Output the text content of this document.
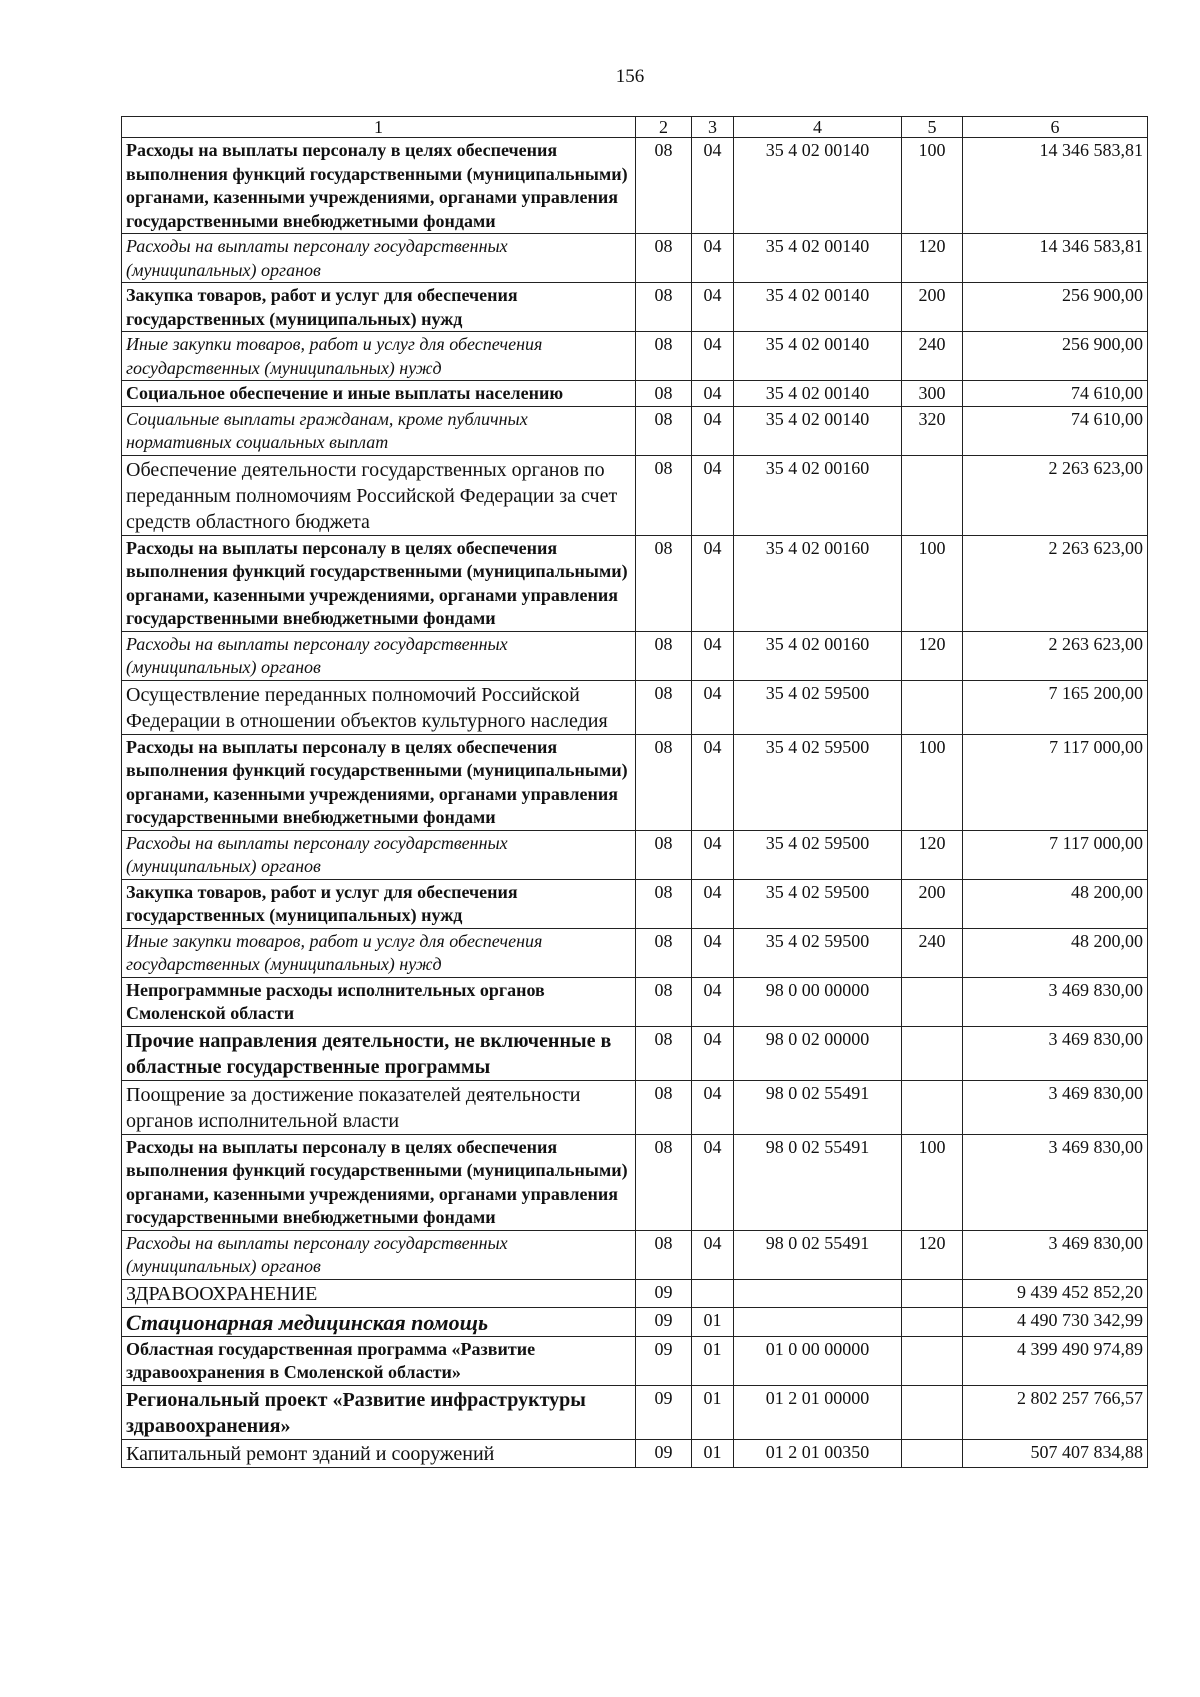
156
1	2	3	4	5	6
Расходы на выплаты персоналу в целях обеспечения выполнения функций государственными (муниципальными) органами, казенными учреждениями, органами управления государственными внебюджетными фондами	08	04	35 4 02 00140	100	14 346 583,81
Расходы на выплаты персоналу государственных (муниципальных) органов	08	04	35 4 02 00140	120	14 346 583,81
Закупка товаров, работ и услуг для обеспечения государственных (муниципальных) нужд	08	04	35 4 02 00140	200	256 900,00
Иные закупки товаров, работ и услуг для обеспечения государственных (муниципальных) нужд	08	04	35 4 02 00140	240	256 900,00
Социальное обеспечение и иные выплаты населению	08	04	35 4 02 00140	300	74 610,00
Социальные выплаты гражданам, кроме публичных нормативных социальных выплат	08	04	35 4 02 00140	320	74 610,00
Обеспечение деятельности государственных органов по переданным полномочиям Российской Федерации за счет средств областного бюджета	08	04	35 4 02 00160		2 263 623,00
Расходы на выплаты персоналу в целях обеспечения выполнения функций государственными (муниципальными) органами, казенными учреждениями, органами управления государственными внебюджетными фондами	08	04	35 4 02 00160	100	2 263 623,00
Расходы на выплаты персоналу государственных (муниципальных) органов	08	04	35 4 02 00160	120	2 263 623,00
Осуществление переданных полномочий Российской Федерации в отношении объектов культурного наследия	08	04	35 4 02 59500		7 165 200,00
Расходы на выплаты персоналу в целях обеспечения выполнения функций государственными (муниципальными) органами, казенными учреждениями, органами управления государственными внебюджетными фондами	08	04	35 4 02 59500	100	7 117 000,00
Расходы на выплаты персоналу государственных (муниципальных) органов	08	04	35 4 02 59500	120	7 117 000,00
Закупка товаров, работ и услуг для обеспечения государственных (муниципальных) нужд	08	04	35 4 02 59500	200	48 200,00
Иные закупки товаров, работ и услуг для обеспечения государственных (муниципальных) нужд	08	04	35 4 02 59500	240	48 200,00
Непрограммные расходы исполнительных органов Смоленской области	08	04	98 0 00 00000		3 469 830,00
Прочие направления деятельности, не включенные в областные государственные программы	08	04	98 0 02 00000		3 469 830,00
Поощрение за достижение показателей деятельности органов исполнительной власти	08	04	98 0 02 55491		3 469 830,00
Расходы на выплаты персоналу в целях обеспечения выполнения функций государственными (муниципальными) органами, казенными учреждениями, органами управления государственными внебюджетными фондами	08	04	98 0 02 55491	100	3 469 830,00
Расходы на выплаты персоналу государственных (муниципальных) органов	08	04	98 0 02 55491	120	3 469 830,00
ЗДРАВООХРАНЕНИЕ	09				9 439 452 852,20
Стационарная медицинская помощь	09	01			4 490 730 342,99
Областная государственная программа «Развитие здравоохранения в Смоленской области»	09	01	01 0 00 00000		4 399 490 974,89
Региональный проект «Развитие инфраструктуры здравоохранения»	09	01	01 2 01 00000		2 802 257 766,57
Капитальный ремонт зданий и сооружений	09	01	01 2 01 00350		507 407 834,88
